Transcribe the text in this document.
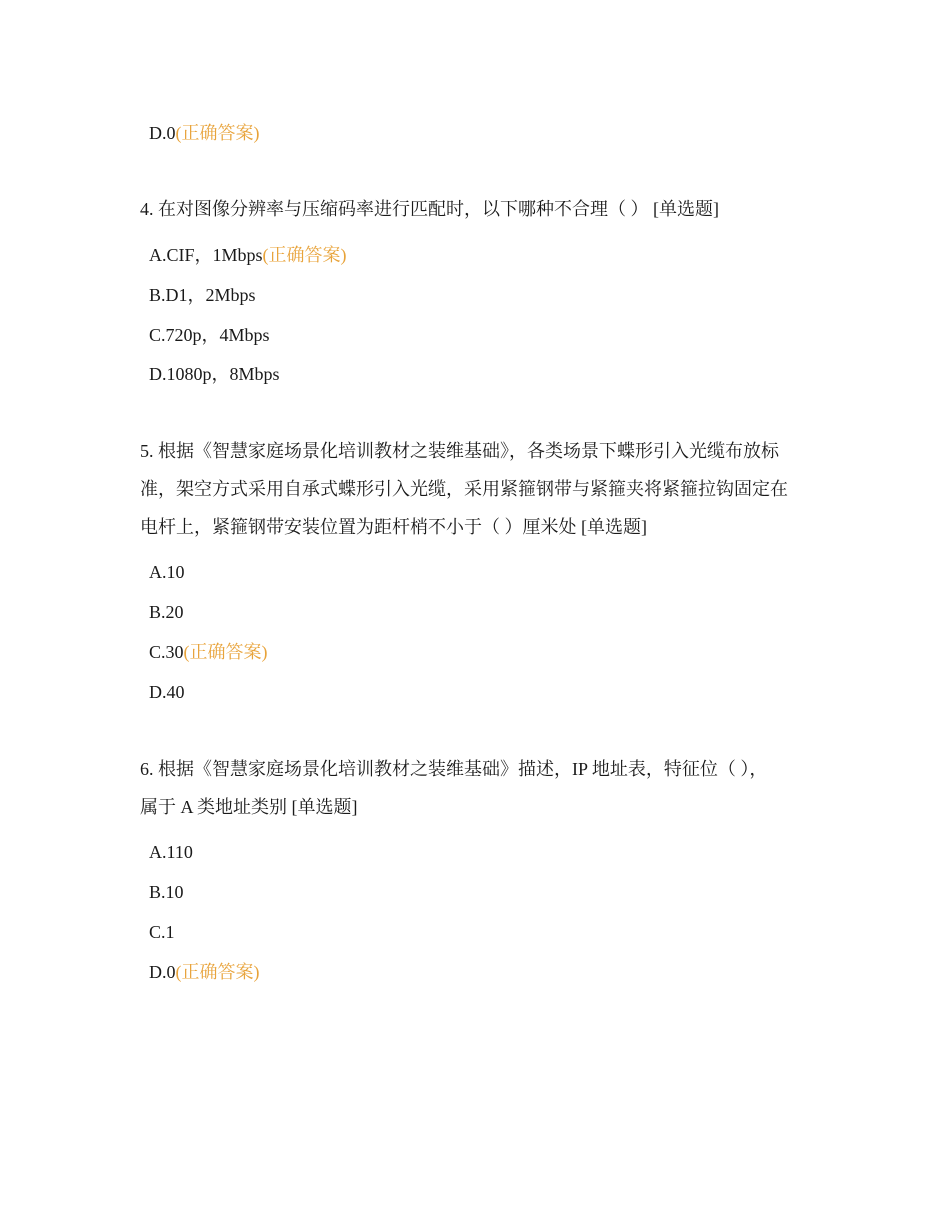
D.0(正确答案)
4. 在对图像分辨率与压缩码率进行匹配时，以下哪种不合理（ ） [单选题]
A.CIF，1Mbps(正确答案)
B.D1，2Mbps
C.720p，4Mbps
D.1080p，8Mbps
5. 根据《智慧家庭场景化培训教材之装维基础》，各类场景下蝶形引入光缆布放标
准，架空方式采用自承式蝶形引入光缆，采用紧箍钢带与紧箍夹将紧箍拉钩固定在
电杆上，紧箍钢带安装位置为距杆梢不小于（ ）厘米处 [单选题]
A.10
B.20
C.30(正确答案)
D.40
6. 根据《智慧家庭场景化培训教材之装维基础》描述，IP 地址表，特征位（ ），
属于 A 类地址类别 [单选题]
A.110
B.10
C.1
D.0(正确答案)
